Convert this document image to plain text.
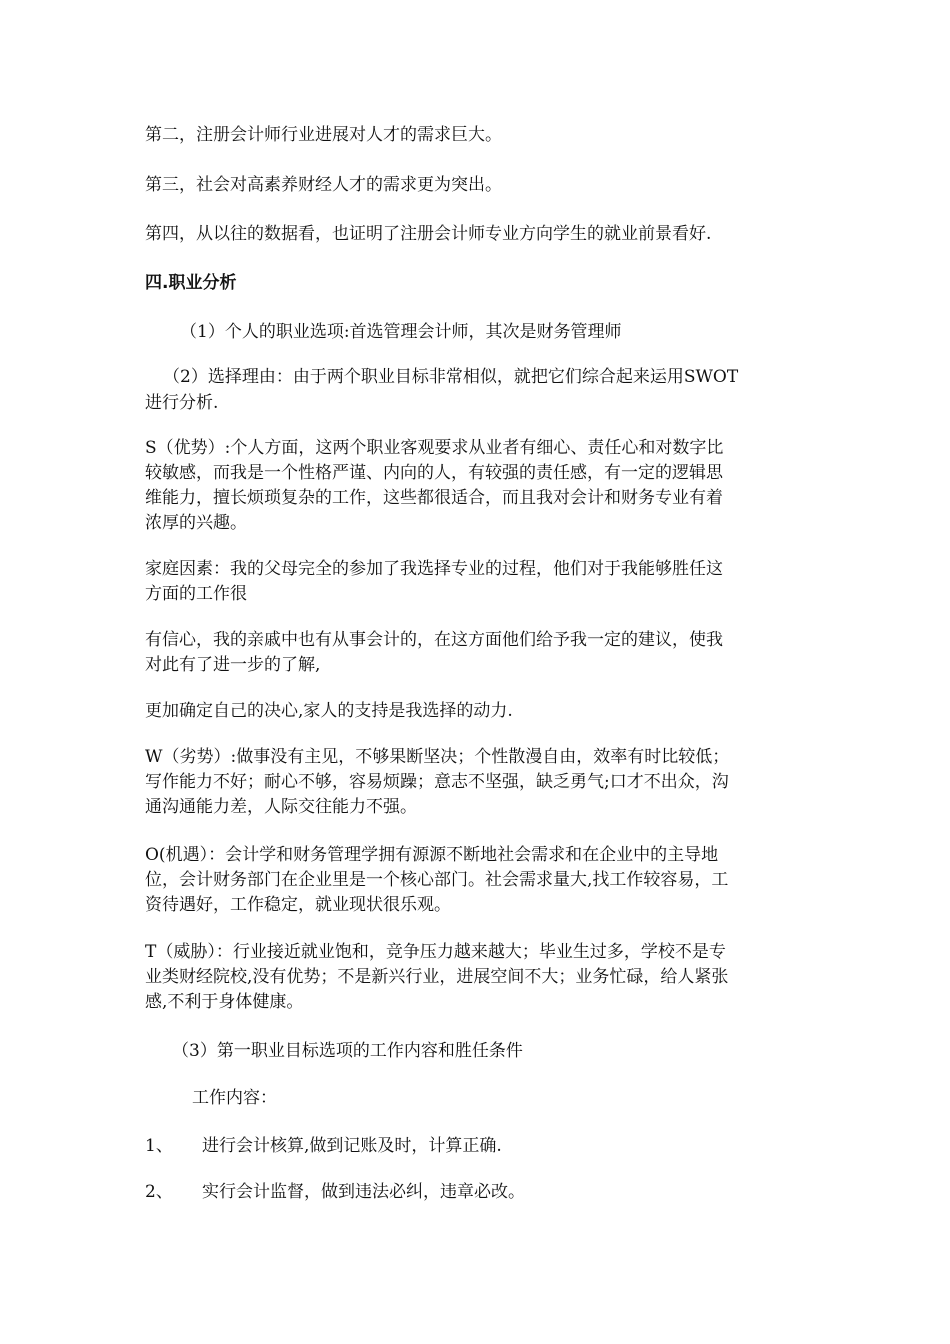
第二，注册会计师行业进展对人才的需求巨大。
第三，社会对高素养财经人才的需求更为突出。
第四，从以往的数据看，也证明了注册会计师专业方向学生的就业前景看好.
四.职业分析
（1）个人的职业选项:首选管理会计师，其次是财务管理师
（2）选择理由：由于两个职业目标非常相似，就把它们综合起来运用SWOT
进行分析.
S（优势）:个人方面，这两个职业客观要求从业者有细心、责任心和对数字比
较敏感，而我是一个性格严谨、内向的人，有较强的责任感，有一定的逻辑思
维能力，擅长烦琐复杂的工作，这些都很适合，而且我对会计和财务专业有着
浓厚的兴趣。
家庭因素：我的父母完全的参加了我选择专业的过程，他们对于我能够胜任这
方面的工作很
有信心，我的亲戚中也有从事会计的，在这方面他们给予我一定的建议，使我
对此有了进一步的了解,
更加确定自己的决心,家人的支持是我选择的动力.
W（劣势）:做事没有主见，不够果断坚决；个性散漫自由，效率有时比较低；
写作能力不好；耐心不够，容易烦躁；意志不坚强，缺乏勇气;口才不出众，沟
通沟通能力差，人际交往能力不强。
O(机遇）：会计学和财务管理学拥有源源不断地社会需求和在企业中的主导地
位，会计财务部门在企业里是一个核心部门。社会需求量大,找工作较容易，工
资待遇好，工作稳定，就业现状很乐观。
T（威胁）：行业接近就业饱和，竞争压力越来越大；毕业生过多，学校不是专
业类财经院校,没有优势；不是新兴行业，进展空间不大；业务忙碌，给人紧张
感,不利于身体健康。
（3）第一职业目标选项的工作内容和胜任条件
工作内容：
1、 进行会计核算,做到记账及时，计算正确.
2、 实行会计监督，做到违法必纠，违章必改。
